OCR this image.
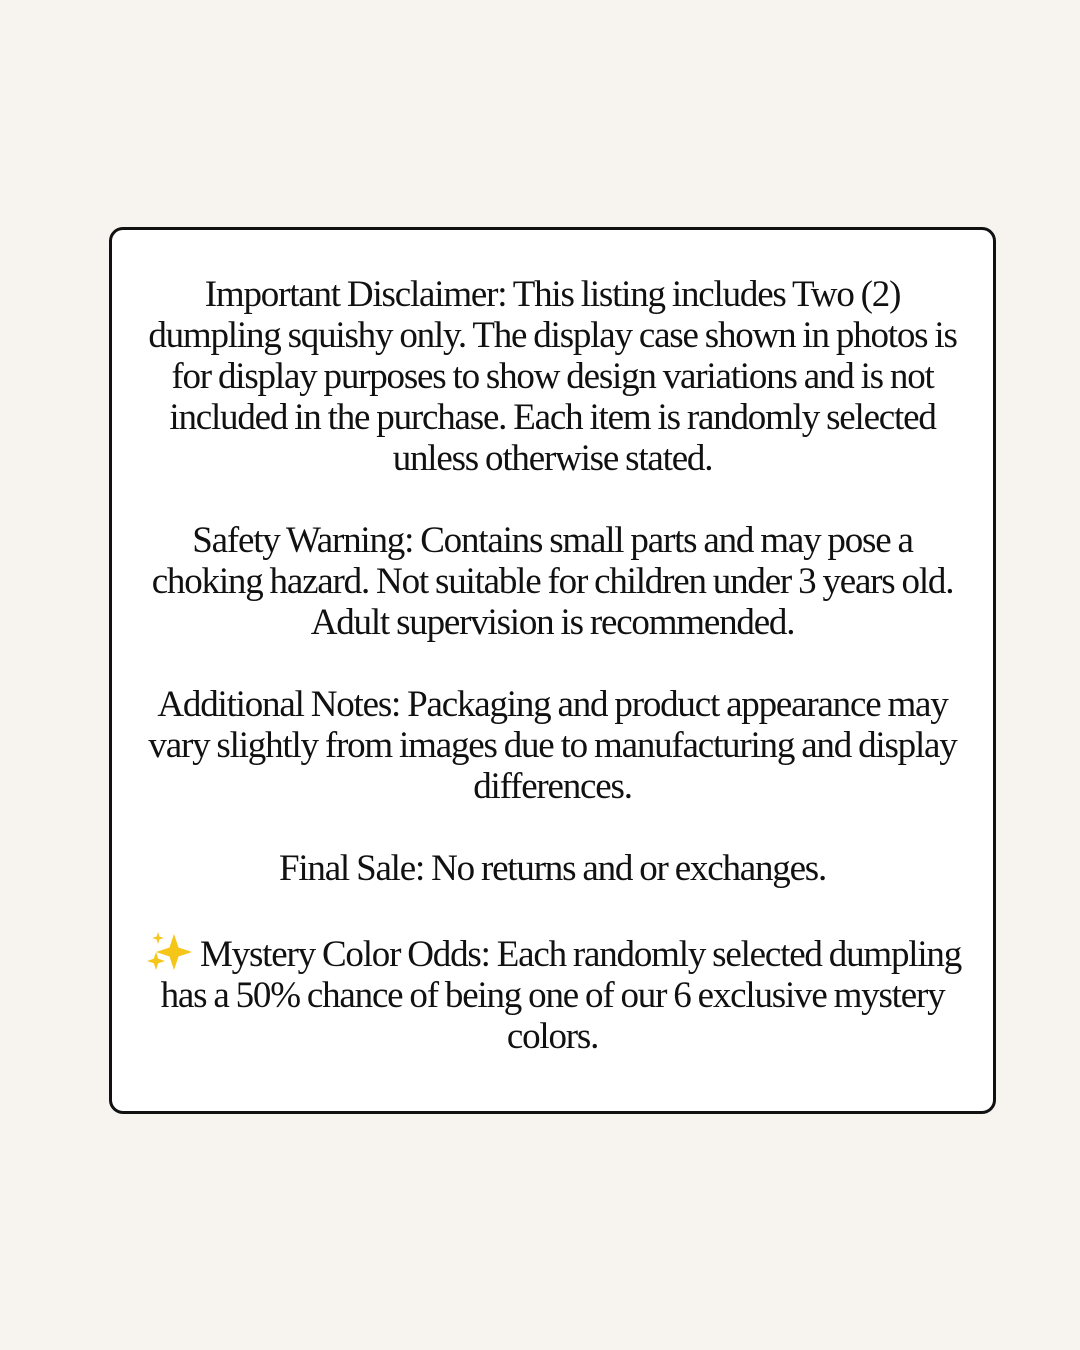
Important Disclaimer: This listing includes Two (2) dumpling squishy only. The display case shown in photos is for display purposes to show design variations and is not included in the purchase. Each item is randomly selected unless otherwise stated.

Safety Warning: Contains small parts and may pose a choking hazard. Not suitable for children under 3 years old. Adult supervision is recommended.

Additional Notes: Packaging and product appearance may vary slightly from images due to manufacturing and display differences.

Final Sale: No returns and or exchanges.

Mystery Color Odds: Each randomly selected dumpling has a 50% chance of being one of our 6 exclusive mystery colors.
